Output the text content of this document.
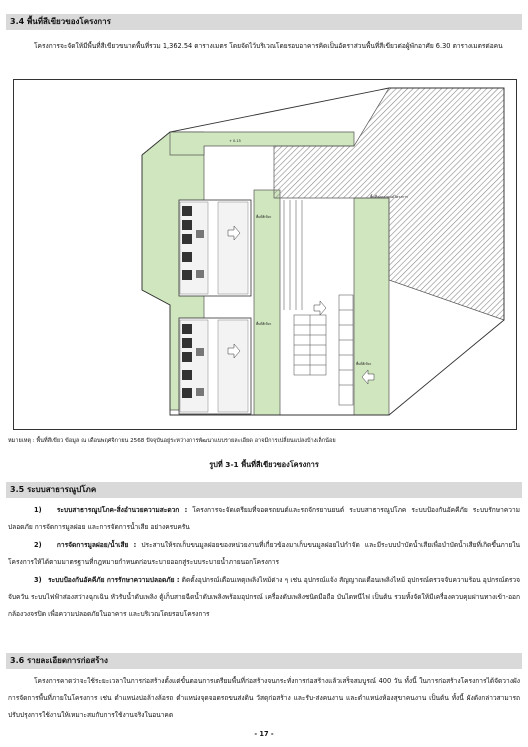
3.4 พื้นที่สีเขียวของโครงการ
โครงการจะจัดให้มีพื้นที่สีเขียวขนาดพื้นที่รวม 1,362.54 ตารางเมตร โดยจัดไว้บริเวณโดยรอบอาคารคิดเป็นอัตราส่วนพื้นที่สีเขียวต่อผู้พักอาศัย 6.30 ตารางเมตรต่อคน
+ 0.15
พื้นที่จอดรถยนต์โครงการ
พื้นที่สีเขียว
พื้นที่สีเขียว
พื้นที่สีเขียว
หมายเหตุ : พื้นที่สีเขียว ข้อมูล ณ เดือนพฤศจิกายน 2568 ปัจจุบันอยู่ระหว่างการพัฒนาแบบรายละเอียด อาจมีการเปลี่ยนแปลงบ้างเล็กน้อย
รูปที่ 3-1 พื้นที่สีเขียวของโครงการ
3.5 ระบบสาธารณูปโภค
1) ระบบสาธารณูปโภค-สิ่งอำนวยความสะดวก : โครงการจะจัดเตรียมที่จอดรถยนต์และรถจักรยานยนต์ ระบบสาธารณูปโภค ระบบป้องกันอัคคีภัย ระบบรักษาความปลอดภัย การจัดการมูลฝอย และการจัดการน้ำเสีย อย่างครบครัน
2) การจัดการมูลฝอย/น้ำเสีย : ประสานให้รถเก็บขนมูลฝอยของหน่วยงานที่เกี่ยวข้องมาเก็บขนมูลฝอยไปกำจัด และมีระบบบำบัดน้ำเสียเพื่อบำบัดน้ำเสียที่เกิดขึ้นภายในโครงการให้ได้ตามมาตรฐานที่กฎหมายกำหนดก่อนระบายออกสู่ระบบระบายน้ำภายนอกโครงการ
3) ระบบป้องกันอัคคีภัย การรักษาความปลอดภัย : ติดตั้งอุปกรณ์เตือนเหตุเพลิงไหม้ต่าง ๆ เช่น อุปกรณ์แจ้ง สัญญาณเตือนเพลิงไหม้ อุปกรณ์ตรวจจับความร้อน อุปกรณ์ตรวจจับควัน ระบบไฟฟ้าส่องสว่างฉุกเฉิน หัวรับน้ำดับเพลิง ตู้เก็บสายฉีดน้ำดับเพลิงพร้อมอุปกรณ์ เครื่องดับเพลิงชนิดมือถือ บันไดหนีไฟ เป็นต้น รวมทั้งจัดให้มีเครื่องควบคุมผ่านทางเข้า-ออก กล้องวงจรปิด เพื่อความปลอดภัยในอาคาร และบริเวณโดยรอบโครงการ
3.6 รายละเอียดการก่อสร้าง
โครงการคาดว่าจะใช้ระยะเวลาในการก่อสร้างตั้งแต่ขั้นตอนการเตรียมพื้นที่ก่อสร้างจนกระทั่งการก่อสร้างแล้วเสร็จสมบูรณ์ 400 วัน ทั้งนี้ ในการก่อสร้างโครงการได้จัดวางผังการจัดการพื้นที่ภายในโครงการ เช่น ตำแหน่งบ่อล้างล้อรถ ตำแหน่งจุดจอดรถขนส่งดิน วัสดุก่อสร้าง และรับ-ส่งคนงาน และตำแหน่งห้องสุขาคนงาน เป็นต้น ทั้งนี้ ผังดังกล่าวสามารถปรับปรุงการใช้งานให้เหมาะสมกับการใช้งานจริงในอนาคต
- 17 -
